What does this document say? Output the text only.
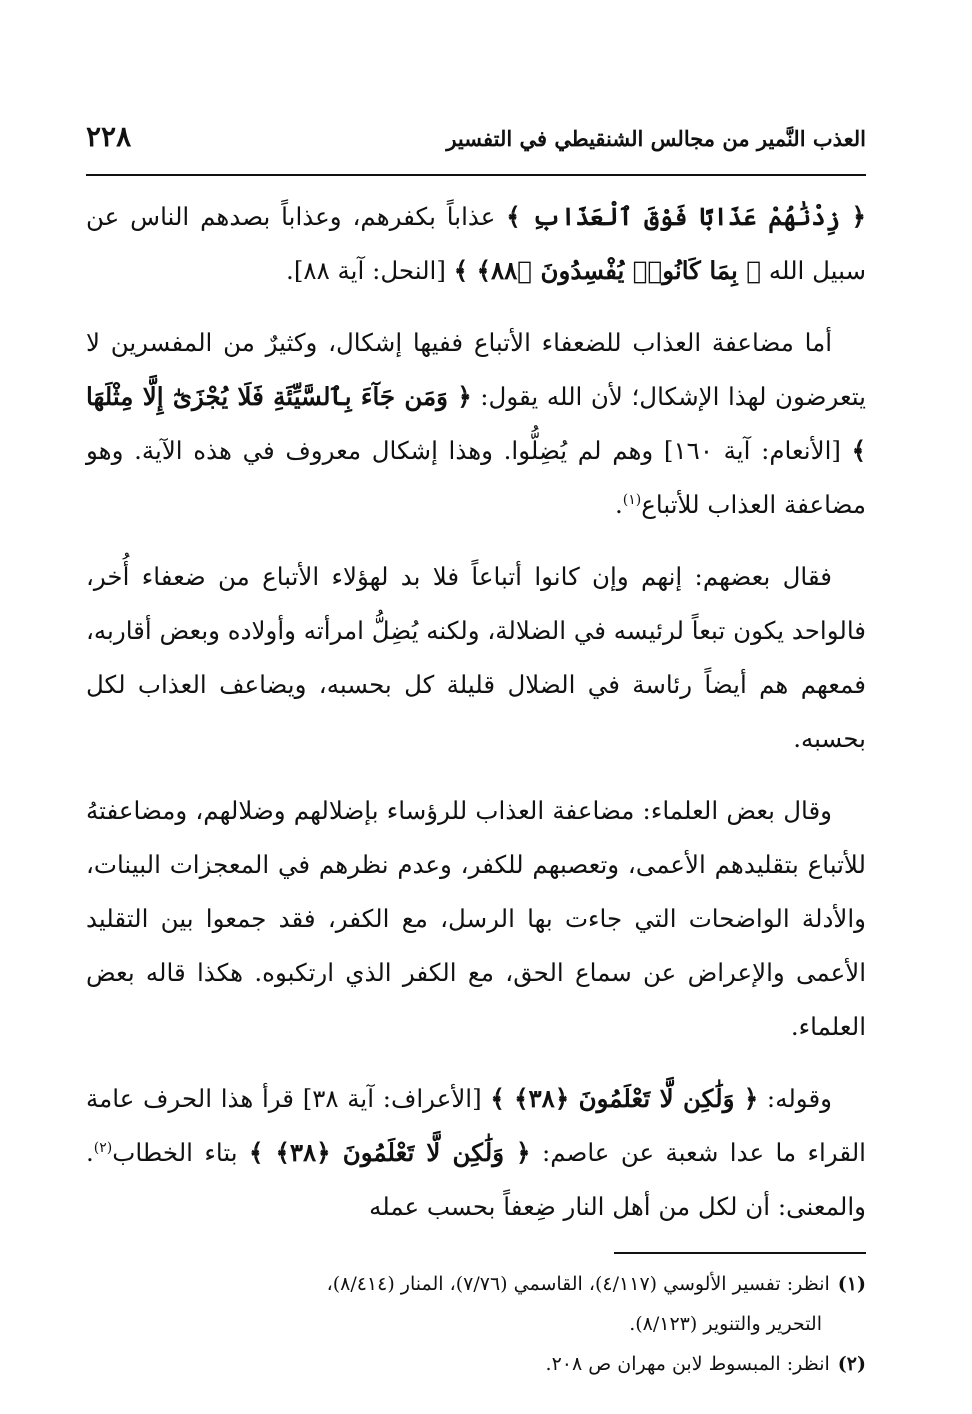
العذب النَّمير من مجالس الشنقيطي في التفسير
٢٢٨

﴿ زِدْنَٰهُمْ عَذَابًا فَوْقَ ٱلْعَذَابِ ﴾ عذاباً بكفرهم، وعذاباً بصدهم الناس عن سبيل الله ﴿ بِمَا كَانُوا۟ يُفْسِدُونَ ﴿٨٨﴾ ﴾ [النحل: آية ٨٨].

أما مضاعفة العذاب للضعفاء الأتباع ففيها إشكال، وكثيرٌ من المفسرين لا يتعرضون لهذا الإشكال؛ لأن الله يقول: ﴿ وَمَن جَآءَ بِٱلسَّيِّئَةِ فَلَا يُجْزَىٰٓ إِلَّا مِثْلَهَا ﴾ [الأنعام: آية ١٦٠] وهم لم يُضِلُّوا. وهذا إشكال معروف في هذه الآية. وهو مضاعفة العذاب للأتباع$^{(١)}$.

فقال بعضهم: إنهم وإن كانوا أتباعاً فلا بد لهؤلاء الأتباع من ضعفاء أُخر، فالواحد يكون تبعاً لرئيسه في الضلالة، ولكنه يُضِلُّ امرأته وأولاده وبعض أقاربه، فمعهم هم أيضاً رئاسة في الضلال قليلة كل بحسبه، ويضاعف العذاب لكل بحسبه.

وقال بعض العلماء: مضاعفة العذاب للرؤساء بإضلالهم وضلالهم، ومضاعفتهُ للأتباع بتقليدهم الأعمى، وتعصبهم للكفر، وعدم نظرهم في المعجزات البينات، والأدلة الواضحات التي جاءت بها الرسل، مع الكفر، فقد جمعوا بين التقليد الأعمى والإعراض عن سماع الحق، مع الكفر الذي ارتكبوه. هكذا قاله بعض العلماء.

وقوله: ﴿ وَلَٰكِن لَّا تَعْلَمُونَ ﴿٣٨﴾ ﴾ [الأعراف: آية ٣٨] قرأ هذا الحرف عامة القراء ما عدا شعبة عن عاصم: ﴿ وَلَٰكِن لَّا تَعْلَمُونَ ﴿٣٨﴾ ﴾ بتاء الخطاب$^{(٢)}$. والمعنى: أن لكل من أهل النار ضِعفاً بحسب عمله

(١)انظر: تفسير الألوسي (٤/١١٧)، القاسمي (٧/٧٦)، المنار (٨/٤١٤)،

التحرير والتنوير (٨/١٢٣).

(٢)انظر: المبسوط لابن مهران ص ٢٠٨.
